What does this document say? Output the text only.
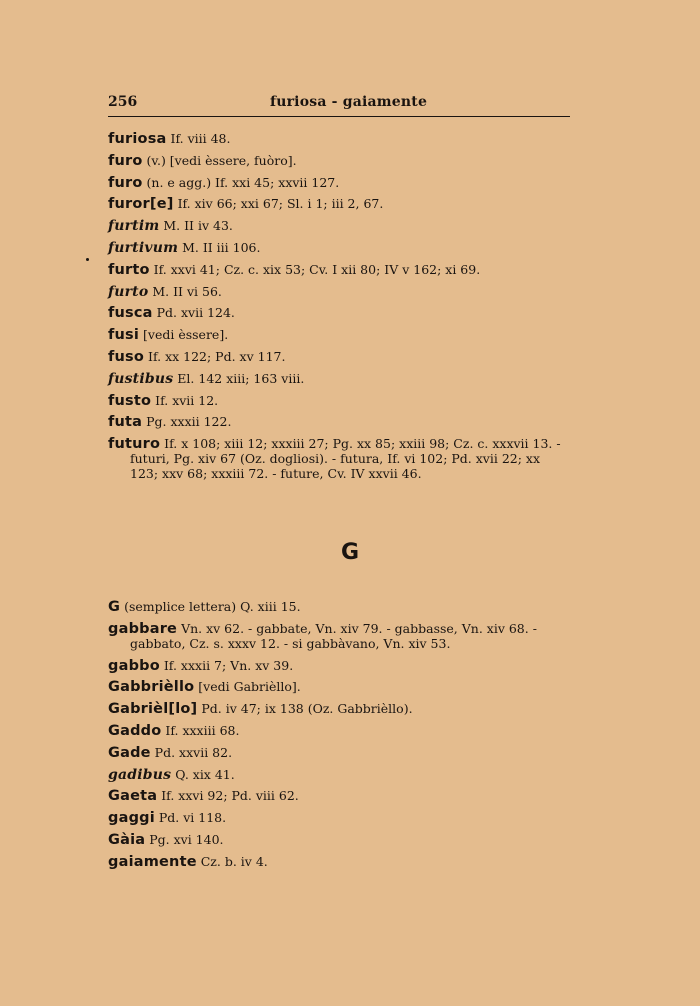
256	furiosa - gaiamente
furiosa If. viii 48.
furo (v.) [vedi èssere, fuòro].
furo (n. e agg.) If. xxi 45; xxvii 127.
furor[e] If. xiv 66; xxi 67; Sl. i 1; iii 2, 67.
furtim M. II iv 43.
furtivum M. II iii 106.
furto If. xxvi 41; Cz. c. xix 53; Cv. I xii 80; IV v 162; xi 69.
furto M. II vi 56.
fusca Pd. xvii 124.
fusi [vedi èssere].
fuso If. xx 122; Pd. xv 117.
fustibus El. 142 xiii; 163 viii.
fusto If. xvii 12.
futa Pg. xxxii 122.
futuro If. x 108; xiii 12; xxxiii 27; Pg. xx 85; xxiii 98; Cz. c. xxxvii 13. - futuri, Pg. xiv 67 (Oz. dogliosi). - futura, If. vi 102; Pd. xvii 22; xx 123; xxv 68; xxxiii 72. - future, Cv. IV xxvii 46.
G
G (semplice lettera) Q. xiii 15.
gabbare Vn. xv 62. - gabbate, Vn. xiv 79. - gabbasse, Vn. xiv 68. - gabbato, Cz. s. xxxv 12. - si gabbàvano, Vn. xiv 53.
gabbo If. xxxii 7; Vn. xv 39.
Gabbrièllo [vedi Gabrièllo].
Gabrièl[lo] Pd. iv 47; ix 138 (Oz. Gabbrièllo).
Gaddo If. xxxiii 68.
Gade Pd. xxvii 82.
gadibus Q. xix 41.
Gaeta If. xxvi 92; Pd. viii 62.
gaggi Pd. vi 118.
Gàia Pg. xvi 140.
gaiamente Cz. b. iv 4.
